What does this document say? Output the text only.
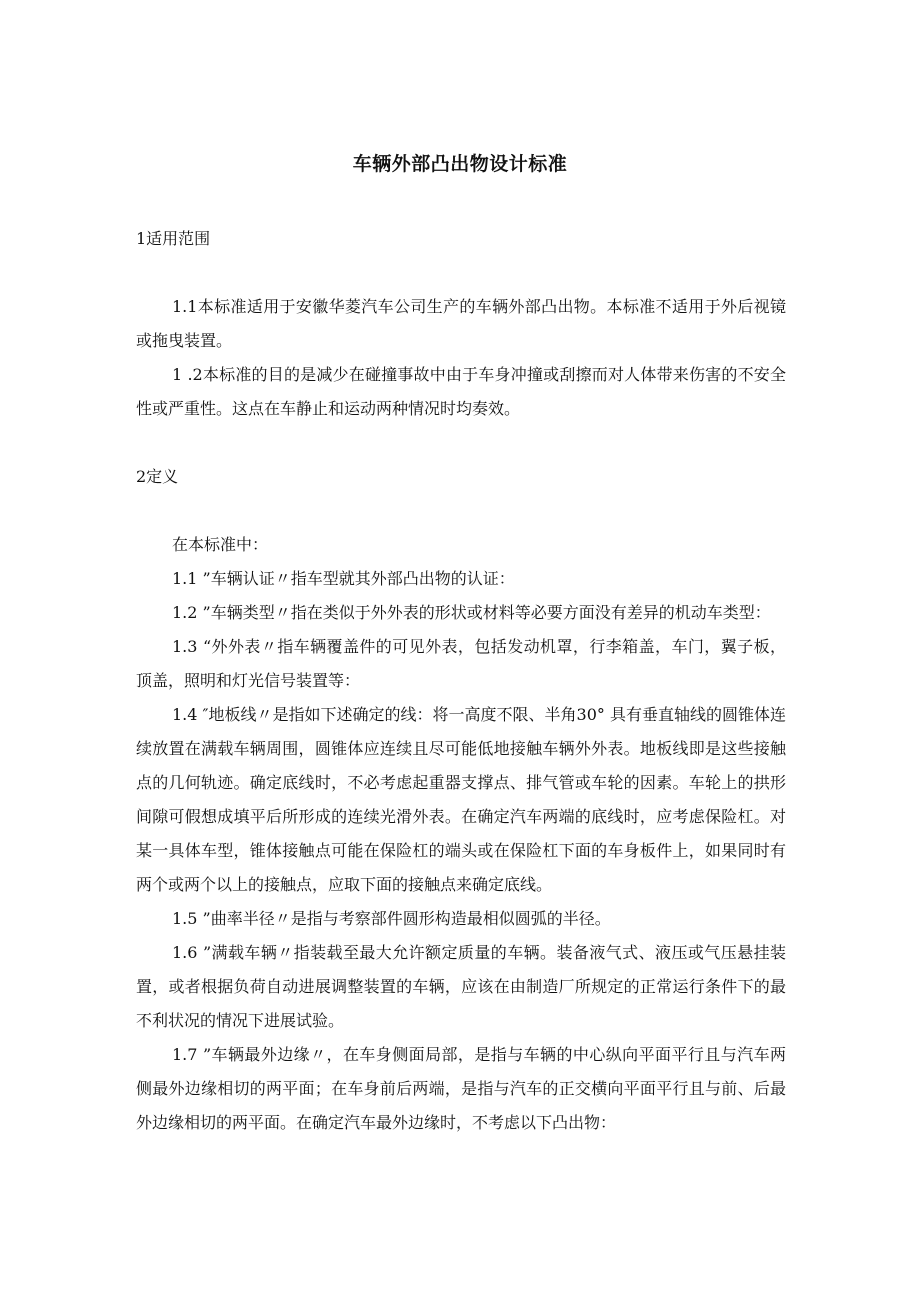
车辆外部凸出物设计标准

1适用范围

1.1本标准适用于安徽华菱汽车公司生产的车辆外部凸出物。本标准不适用于外后视镜或拖曳装置。

1 .2本标准的目的是减少在碰撞事故中由于车身冲撞或刮擦而对人体带来伤害的不安全性或严重性。这点在车静止和运动两种情况时均奏效。

2定义

在本标准中：

1.1 ”车辆认证〃指车型就其外部凸出物的认证：

1.2 ”车辆类型〃指在类似于外外表的形状或材料等必要方面没有差异的机动车类型：

1.3 “外外表〃指车辆覆盖件的可见外表，包括发动机罩，行李箱盖，车门，翼子板，顶盖，照明和灯光信号装置等：

1.4 ″地板线〃是指如下述确定的线：将一高度不限、半角30° 具有垂直轴线的圆锥体连续放置在满载车辆周围，圆锥体应连续且尽可能低地接触车辆外外表。地板线即是这些接触点的几何轨迹。确定底线时，不必考虑起重器支撑点、排气管或车轮的因素。车轮上的拱形间隙可假想成填平后所形成的连续光滑外表。在确定汽车两端的底线时，应考虑保险杠。对某一具体车型，锥体接触点可能在保险杠的端头或在保险杠下面的车身板件上，如果同时有两个或两个以上的接触点，应取下面的接触点来确定底线。

1.5 ”曲率半径〃是指与考察部件圆形构造最相似圆弧的半径。

1.6 ”满载车辆〃指装载至最大允许额定质量的车辆。装备液气式、液压或气压悬挂装置，或者根据负荷自动进展调整装置的车辆，应该在由制造厂所规定的正常运行条件下的最不利状况的情况下进展试验。

1.7 ”车辆最外边缘〃，在车身侧面局部，是指与车辆的中心纵向平面平行且与汽车两侧最外边缘相切的两平面；在车身前后两端，是指与汽车的正交横向平面平行且与前、后最外边缘相切的两平面。在确定汽车最外边缘时，不考虑以下凸出物：
